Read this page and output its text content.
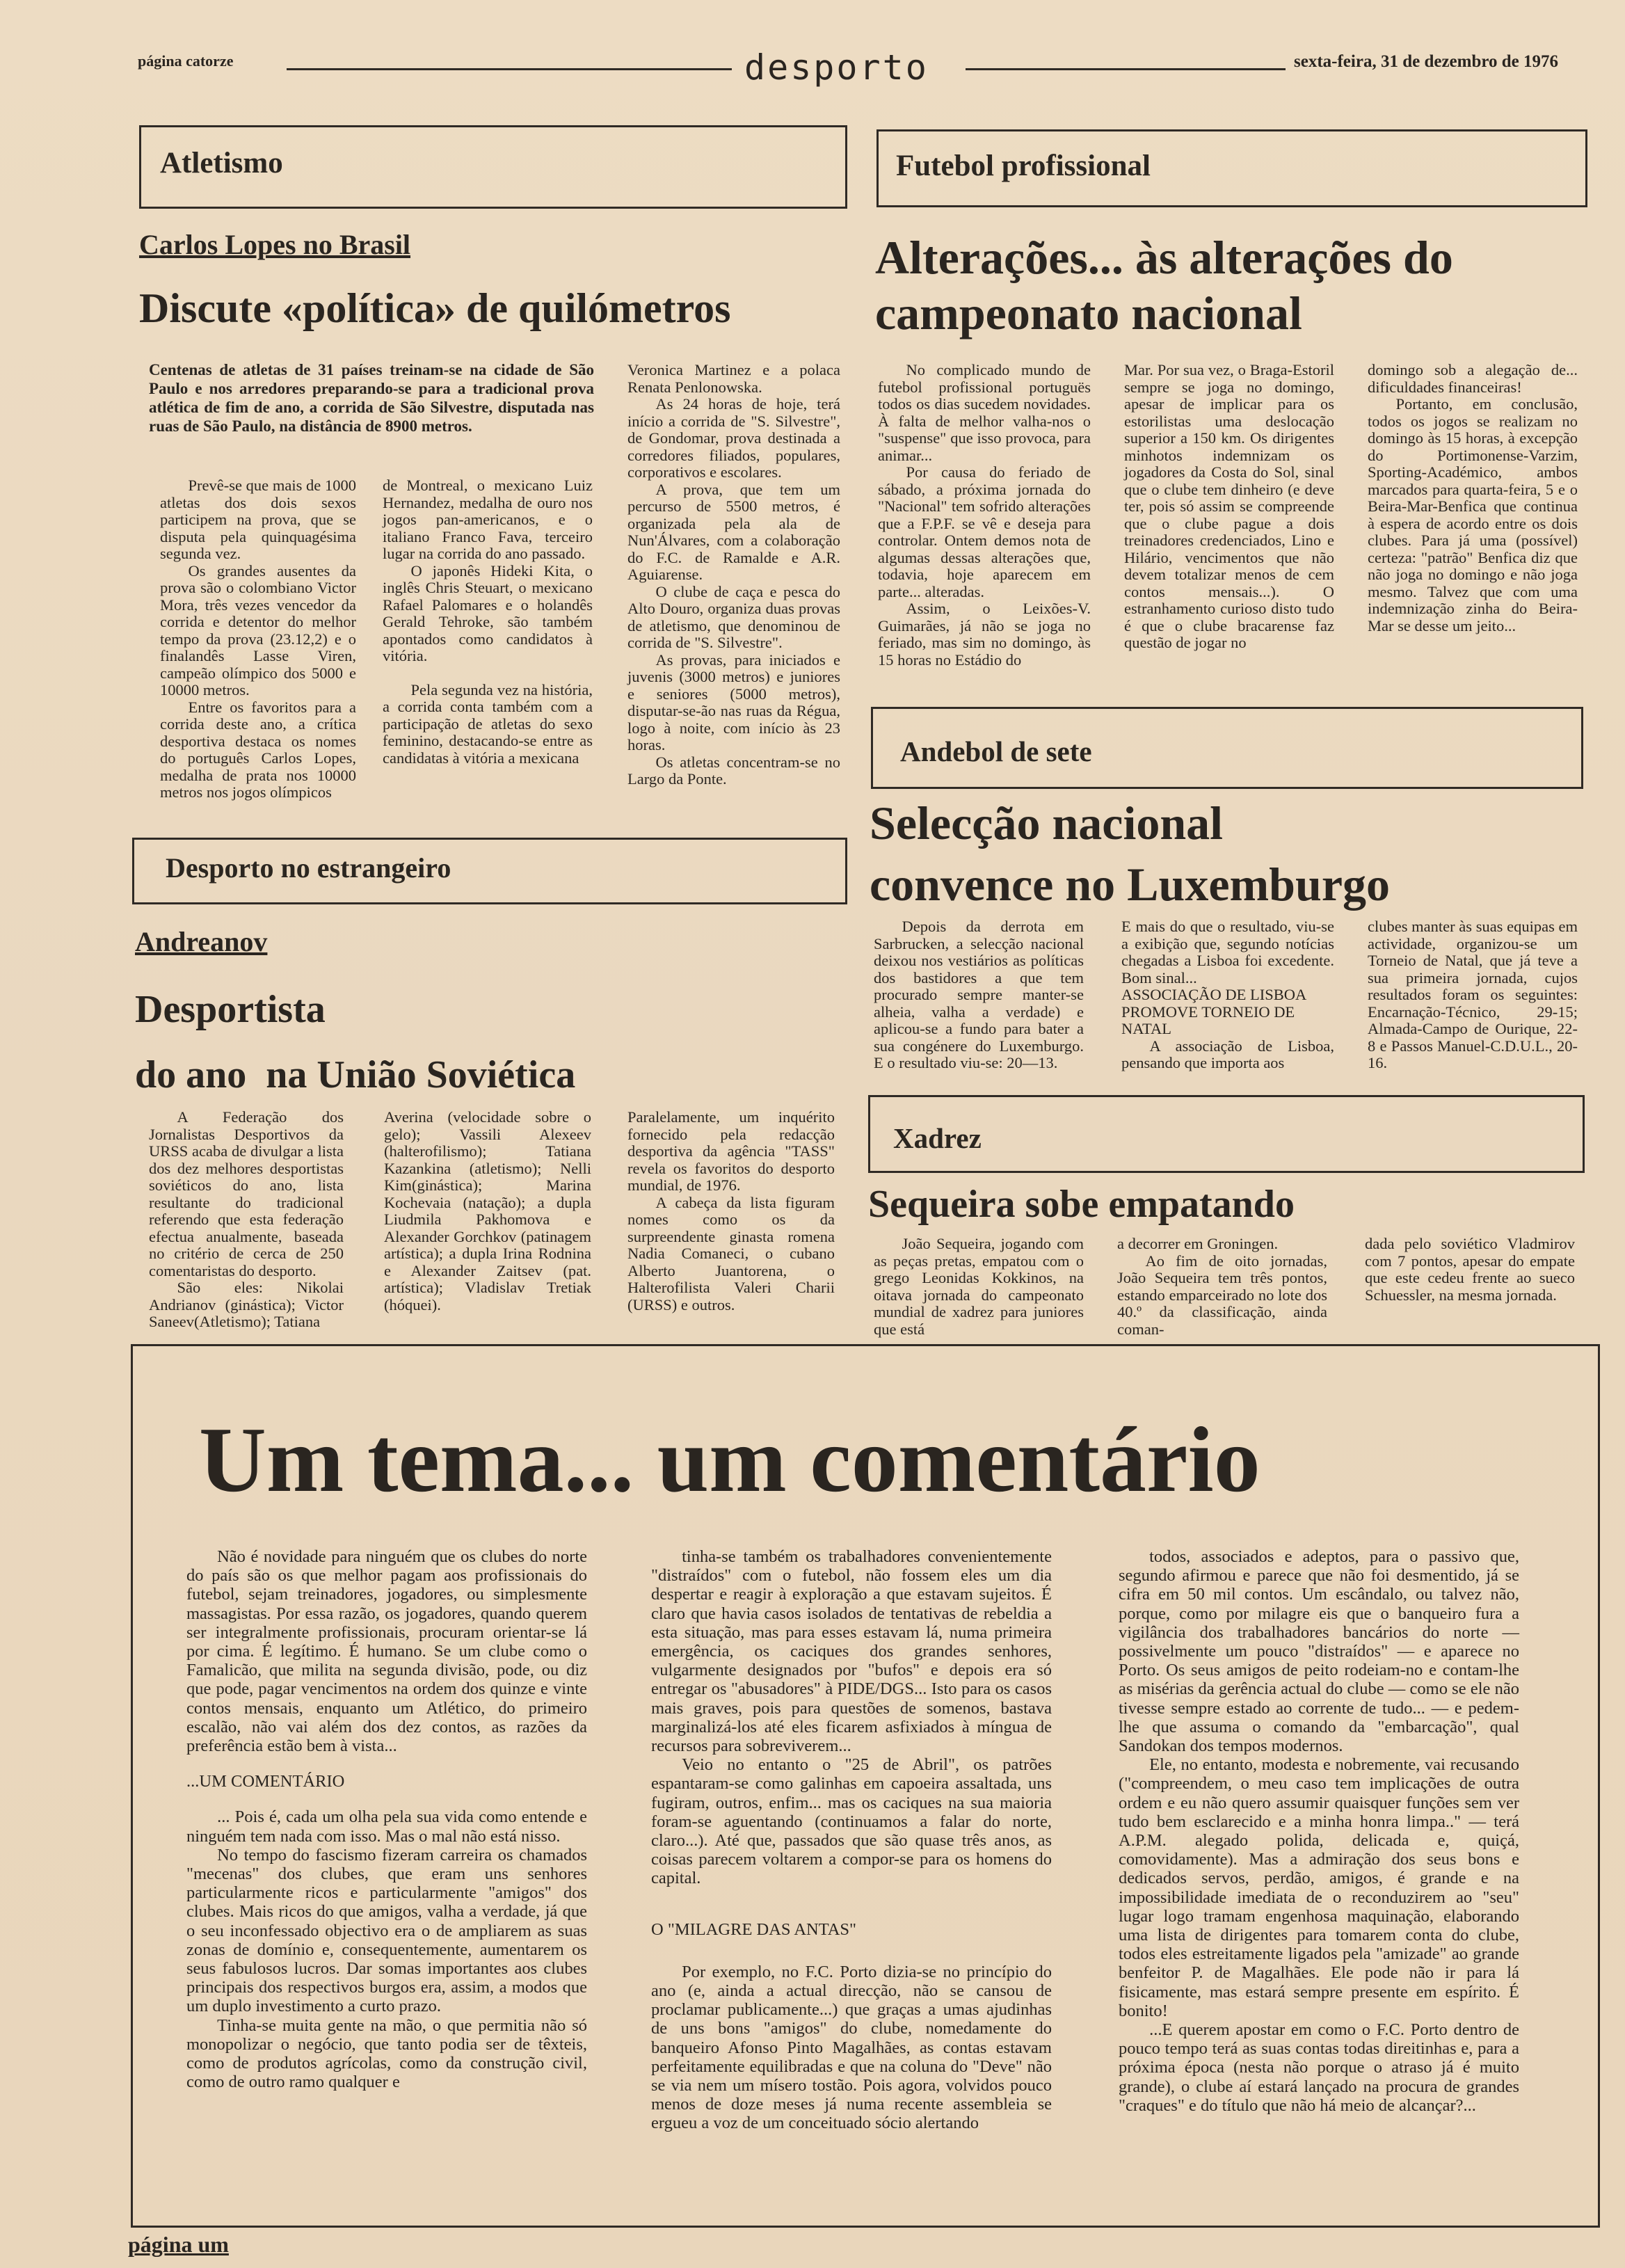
página catorze	desporto	sexta-feira, 31 de dezembro de 1976
Atletismo
Carlos Lopes no Brasil
Discute «política» de quilómetros
Centenas de atletas de 31 países treinam-se na cidade de São Paulo e nos arredores preparando-se para a tradicional prova atlética de fim de ano, a corrida de São Silvestre, disputada nas ruas de São Paulo, na distância de 8900 metros.

Prevê-se que mais de 1000 atletas dos dois sexos participem na prova, que se disputa pela quinquagésima segunda vez.

Os grandes ausentes da prova são o colombiano Victor Mora, três vezes vencedor da corrida e detentor do melhor tempo da prova (23.12,2) e o finalandês Lasse Viren, campeão olímpico dos 5000 e 10000 metros.

Entre os favoritos para a corrida deste ano, a crítica desportiva destaca os nomes do português Carlos Lopes, medalha de prata nos 10000 metros nos jogos olímpicos

de Montreal, o mexicano Luiz Hernandez, medalha de ouro nos jogos pan-americanos, e o italiano Franco Fava, terceiro lugar na corrida do ano passado.

O japonês Hideki Kita, o inglês Chris Steuart, o mexicano Rafael Palomares e o holandês Gerald Tehroke, são também apontados como candidatos à vitória.

Pela segunda vez na história, a corrida conta também com a participação de atletas do sexo feminino, destacando-se entre as candidatas à vitória a mexicana

Veronica Martinez e a polaca Renata Penlonowska.

As 24 horas de hoje, terá início a corrida de "S. Silvestre", de Gondomar, prova destinada a corredores filiados, populares, corporativos e escolares.

A prova, que tem um percurso de 5500 metros, é organizada pela ala de Nun'Álvares, com a colaboração do F.C. de Ramalde e A.R. Aguiarense.

O clube de caça e pesca do Alto Douro, organiza duas provas de atletismo, que denominou de corrida de "S. Silvestre".

As provas, para iniciados e juvenis (3000 metros) e juniores e seniores (5000 metros), disputar-se-ão nas ruas da Régua, logo à noite, com início às 23 horas.

Os atletas concentram-se no Largo da Ponte.

Desporto no estrangeiro
Andreanov
Desportista
do ano  na União Soviética

A Federação dos Jornalistas Desportivos da URSS acaba de divulgar a lista dos dez melhores desportistas soviéticos do ano, lista resultante do tradicional referendo que esta federação efectua anualmente, baseada no critério de cerca de 250 comentaristas do desporto.

São eles: Nikolai Andrianov (ginástica); Victor Saneev(Atletismo); Tatiana

Averina (velocidade sobre o gelo); Vassili Alexeev (halterofilismo); Tatiana Kazankina (atletismo); Nelli Kim(ginástica); Marina Kochevaia (natação); a dupla Liudmila Pakhomova e Alexander Gorchkov (patinagem artística); a dupla Irina Rodnina e Alexander Zaitsev (pat. artística); Vladislav Tretiak (hóquei).

Paralelamente, um inquérito fornecido pela redacção desportiva da agência "TASS" revela os favoritos do desporto mundial, de 1976.

A cabeça da lista figuram nomes como os da surpreendente ginasta romena Nadia Comaneci, o cubano Alberto Juantorena, o Halterofilista Valeri Charii (URSS) e outros.

Futebol profissional
Alterações... às alterações do campeonato nacional

No complicado mundo de futebol profissional portuguës todos os dias sucedem novidades. À falta de melhor valha-nos o "suspense" que isso provoca, para animar...

Por causa do feriado de sábado, a próxima jornada do "Nacional" tem sofrido alterações que a F.P.F. se vê e deseja para controlar. Ontem demos nota de algumas dessas alterações que, todavia, hoje aparecem em parte... alteradas.

Assim, o Leixões-V. Guimarães, já não se joga no feriado, mas sim no domingo, às 15 horas no Estádio do

Mar. Por sua vez, o Braga-Estoril sempre se joga no domingo, apesar de implicar para os estorilistas uma deslocação superior a 150 km. Os dirigentes minhotos indemnizam os jogadores da Costa do Sol, sinal que o clube tem dinheiro (e deve ter, pois só assim se compreende que o clube pague a dois treinadores credenciados, Lino e Hilário, vencimentos que não devem totalizar menos de cem contos mensais...). O estranhamento curioso disto tudo é que o clube bracarense faz questão de jogar no

domingo sob a alegação de... dificuldades financeiras!

Portanto, em conclusão, todos os jogos se realizam no domingo às 15 horas, à excepção do Portimonense-Varzim, Sporting-Académico, ambos marcados para quarta-feira, 5 e o Beira-Mar-Benfica que continua à espera de acordo entre os dois clubes. Para já uma (possível) certeza: "patrão" Benfica diz que não joga no domingo e não joga mesmo. Talvez que com uma indemnização zinha do Beira-Mar se desse um jeito...

Andebol de sete
Selecção nacional
convence no Luxemburgo

Depois da derrota em Sarbrucken, a selecção nacional deixou nos vestiários as políticas dos bastidores a que tem procurado sempre manter-se alheia, valha a verdade) e aplicou-se a fundo para bater a sua congénere do Luxemburgo. E o resultado viu-se: 20—13.

E mais do que o resultado, viu-se a exibição que, segundo notícias chegadas a Lisboa foi excedente. Bom sinal...

ASSOCIAÇÃO DE LISBOA PROMOVE TORNEIO DE NATAL

A associação de Lisboa, pensando que importa aos

clubes manter às suas equipas em actividade, organizou-se um Torneio de Natal, que já teve a sua primeira jornada, cujos resultados foram os seguintes: Encarnação-Técnico, 29-15; Almada-Campo de Ourique, 22-8 e Passos Manuel-C.D.U.L., 20-16.

Xadrez
Sequeira sobe empatando

João Sequeira, jogando com as peças pretas, empatou com o grego Leonidas Kokkinos, na oitava jornada do campeonato mundial de xadrez para juniores que está

a decorrer em Groningen.

Ao fim de oito jornadas, João Sequeira tem três pontos, estando emparceirado no lote dos 40.º da classificação, ainda coman-

dada pelo soviético Vladmirov com 7 pontos, apesar do empate que este cedeu frente ao sueco Schuessler, na mesma jornada.

Um tema... um comentário

Não é novidade para ninguém que os clubes do norte do país são os que melhor pagam aos profissionais do futebol, sejam treinadores, jogadores, ou simplesmente massagistas. Por essa razão, os jogadores, quando querem ser integralmente profissionais, procuram orientar-se lá por cima. É legítimo. É humano. Se um clube como o Famalicão, que milita na segunda divisão, pode, ou diz que pode, pagar vencimentos na ordem dos quinze e vinte contos mensais, enquanto um Atlético, do primeiro escalão, não vai além dos dez contos, as razões da preferência estão bem à vista...

...UM COMENTÁRIO

... Pois é, cada um olha pela sua vida como entende e ninguém tem nada com isso. Mas o mal não está nisso.

No tempo do fascismo fizeram carreira os chamados "mecenas" dos clubes, que eram uns senhores particularmente ricos e particularmente "amigos" dos clubes. Mais ricos do que amigos, valha a verdade, já que o seu inconfessado objectivo era o de ampliarem as suas zonas de domínio e, consequentemente, aumentarem os seus fabulosos lucros. Dar somas importantes aos clubes principais dos respectivos burgos era, assim, a modos que um duplo investimento a curto prazo.

Tinha-se muita gente na mão, o que permitia não só monopolizar o negócio, que tanto podia ser de têxteis, como de produtos agrícolas, como da construção civil, como de outro ramo qualquer e

tinha-se também os trabalhadores convenientemente "distraídos" com o futebol, não fossem eles um dia despertar e reagir à exploração a que estavam sujeitos. É claro que havia casos isolados de tentativas de rebeldia a esta situação, mas para esses estavam lá, numa primeira emergência, os caciques dos grandes senhores, vulgarmente designados por "bufos" e depois era só entregar os "abusadores" à PIDE/DGS... Isto para os casos mais graves, pois para questões de somenos, bastava marginalizá-los até eles ficarem asfixiados à míngua de recursos para sobreviverem...

Veio no entanto o "25 de Abril", os patrões espantaram-se como galinhas em capoeira assaltada, uns fugiram, outros, enfim... mas os caciques na sua maioria foram-se aguentando (continuamos a falar do norte, claro...). Até que, passados que são quase três anos, as coisas parecem voltarem a compor-se para os homens do capital.

O "MILAGRE DAS ANTAS"

Por exemplo, no F.C. Porto dizia-se no princípio do ano (e, ainda a actual direcção, não se cansou de proclamar publicamente...) que graças a umas ajudinhas de uns bons "amigos" do clube, nomedamente do banqueiro Afonso Pinto Magalhães, as contas estavam perfeitamente equilibradas e que na coluna do "Deve" não se via nem um mísero tostão. Pois agora, volvidos pouco menos de doze meses já numa recente assembleia se ergueu a voz de um conceituado sócio alertando

todos, associados e adeptos, para o passivo que, segundo afirmou e parece que não foi desmentido, já se cifra em 50 mil contos. Um escândalo, ou talvez não, porque, como por milagre eis que o banqueiro fura a vigilância dos trabalhadores bancários do norte — possivelmente um pouco "distraídos" — e aparece no Porto. Os seus amigos de peito rodeiam-no e contam-lhe as misérias da gerência actual do clube — como se ele não tivesse sempre estado ao corrente de tudo... — e pedem-lhe que assuma o comando da "embarcação", qual Sandokan dos tempos modernos.

Ele, no entanto, modesta e nobremente, vai recusando ("compreendem, o meu caso tem implicações de outra ordem e eu não quero assumir quaisquer funções sem ver tudo bem esclarecido e a minha honra limpa.." — terá A.P.M. alegado polida, delicada e, quiçá, comovidamente). Mas a admiração dos seus bons e dedicados servos, perdão, amigos, é grande e na impossibilidade imediata de o reconduzirem ao "seu" lugar logo tramam engenhosa maquinação, elaborando uma lista de dirigentes para tomarem conta do clube, todos eles estreitamente ligados pela "amizade" ao grande benfeitor P. de Magalhães. Ele pode não ir para lá fisicamente, mas estará sempre presente em espírito. É bonito!

...E querem apostar em como o F.C. Porto dentro de pouco tempo terá as suas contas todas direitinhas e, para a próxima época (nesta não porque o atraso já é muito grande), o clube aí estará lançado na procura de grandes "craques" e do título que não há meio de alcançar?...

página um
